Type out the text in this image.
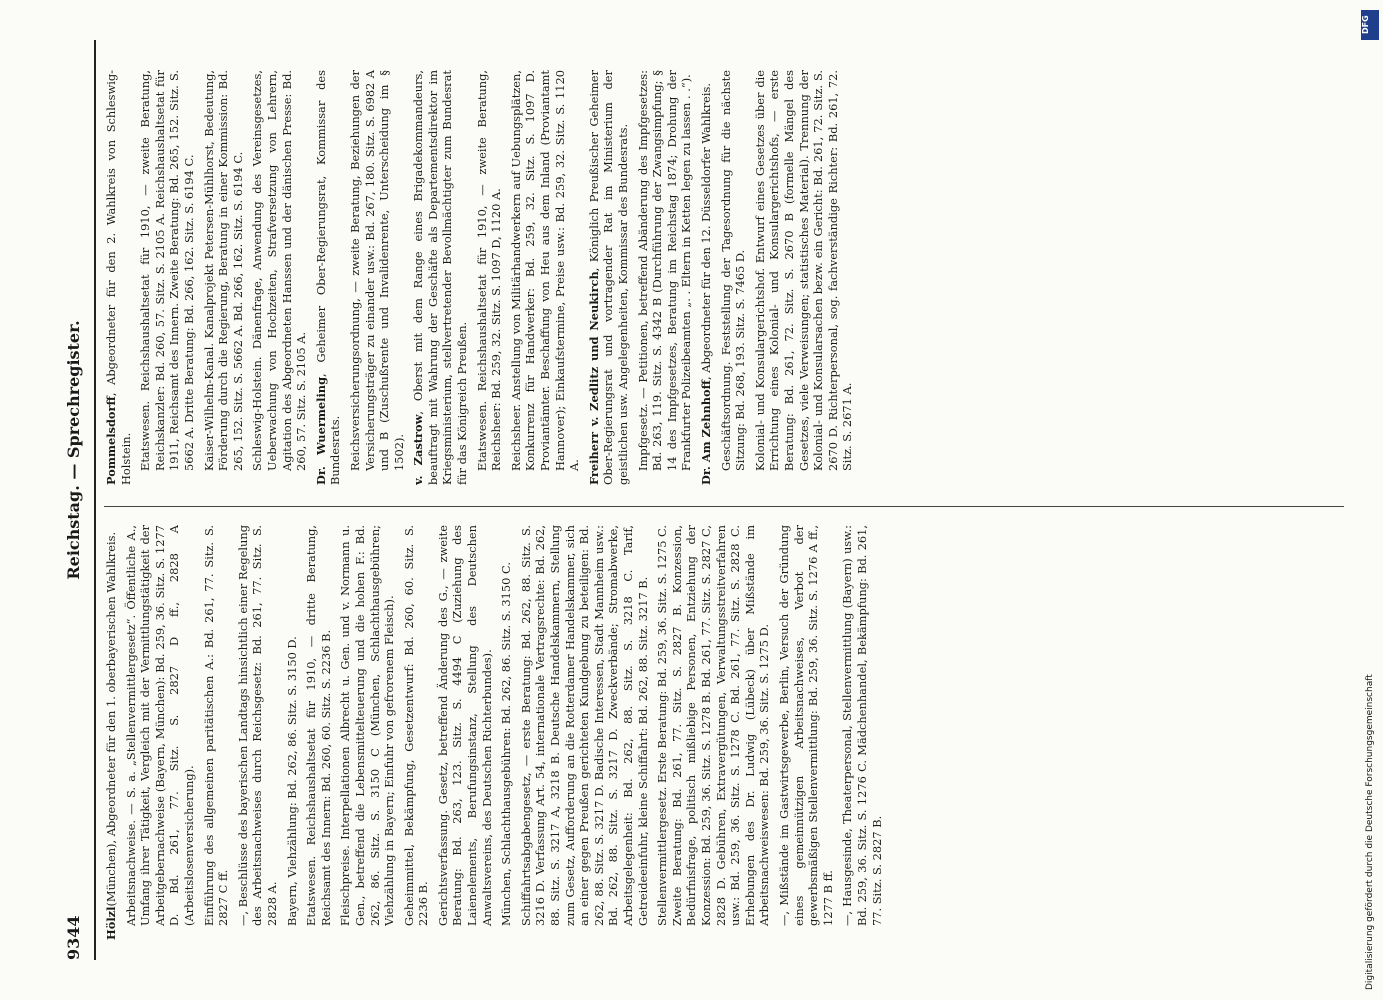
9344
Reichstag. — Sprechregister.
Hölzl(München), Abgeordneter für den 1. oberbayerischen Wahlkreis. Arbeitsnachweise. — S. a. „Stellenvermittlergesetz“. Öffentliche A., Umfang ihrer Tätigkeit, Vergleich mit der Vermittlungstätigkeit der Arbeitgebernachweise (Bayern, München): Bd. 259, 36. Sitz. S. 1277 D. Bd. 261, 77. Sitz. S. 2827 D ff., 2828 A (Arbeitslosenversicherung). Einführung des allgemeinen paritätischen A.: Bd. 261, 77. Sitz. S. 2827 C ff. —, Beschlüsse des bayerischen Landtags hinsichtlich einer Regelung des Arbeitsnachweises durch Reichsgesetz: Bd. 261, 77. Sitz. S. 2828 A. Bayern, Viehzählung: Bd. 262, 86. Sitz. S. 3150 D. Etatswesen. Reichshaushaltsetat für 1910, — dritte Beratung, Reichsamt des Innern: Bd. 260, 60. Sitz. S. 2236 B. Fleischpreise. Interpellationen Albrecht u. Gen. und v. Normann u. Gen., betreffend die Lebensmittelteuerung und die hohen F.: Bd. 262, 86. Sitz. S. 3150 C (München, Schlachthausgebühren; Viehzählung in Bayern; Einfuhr von gefrorenem Fleisch). Geheimmittel, Bekämpfung, Gesetzentwurf: Bd. 260, 60. Sitz. S. 2236 B. Gerichtsverfassung. Gesetz, betreffend Änderung des G., — zweite Beratung: Bd. 263, 123. Sitz. S. 4494 C (Zuziehung des Laienelements, Berufungsinstanz, Stellung des Deutschen Anwaltsvereins, des Deutschen Richterbundes). München, Schlachthausgebühren: Bd. 262, 86. Sitz. S. 3150 C. Schiffahrtsabgabengesetz, — erste Beratung: Bd. 262, 88. Sitz. S. 3216 D. Verfassung Art. 54, internationale Vertragsrechte: Bd. 262, 88. Sitz. S. 3217 A, 3218 B. Deutsche Handelskammern, Stellung zum Gesetz, Aufforderung an die Rotterdamer Handelskammer, sich an einer gegen Preußen gerichteten Kundgebung zu beteiligen: Bd. 262, 88. Sitz. S. 3217 D. Badische Interessen, Stadt Mannheim usw.: Bd. 262, 88. Sitz. S. 3217 D. Zweckverbände; Stromabwerke, Arbeitsgelegenheit: Bd. 262, 88. Sitz. S. 3218 C. Tarif, Getreideeinfuhr, kleine Schiffahrt: Bd. 262, 88. Sitz. 3217 B. Stellenvermittlergesetz. Erste Beratung: Bd. 259, 36. Sitz. S. 1275 C. Zweite Beratung: Bd. 261, 77. Sitz. S. 2827 B. Konzession, Bedürfnisfrage, politisch mißliebige Personen, Entziehung der Konzession: Bd. 259, 36. Sitz. S. 1278 B. Bd. 261, 77. Sitz. S. 2827 C, 2828 D. Gebühren, Extravergütungen, Verwaltungsstreitverfahren usw.: Bd. 259, 36. Sitz. S. 1278 C. Bd. 261, 77. Sitz. S. 2828 C. Erhebungen des Dr. Ludwig (Lübeck) über Mißstände im Arbeitsnachweiswesen: Bd. 259, 36. Sitz. S. 1275 D. —, Mißstände im Gastwirtsgewerbe, Berlin, Versuch der Gründung eines gemeinnützigen Arbeitsnachweises, Verbot der gewerbsmäßigen Stellenvermittlung: Bd. 259, 36. Sitz. S. 1276 A ff., 1277 B ff. —, Hausgesinde, Theaterpersonal, Stellenvermittlung (Bayern) usw.: Bd. 259, 36. Sitz. S. 1276 C. Mädchenhandel, Bekämpfung: Bd. 261, 77. Sitz. S. 2827 B.
Pommelsdorff, Abgeordneter für den 2. Wahlkreis von Schleswig-Holstein. Etatswesen. Reichshaushaltsetat für 1910, — zweite Beratung, Reichskanzler: Bd. 260, 57. Sitz. S. 2105 A. Reichshaushaltsetat für 1911, Reichsamt des Innern. Zweite Beratung: Bd. 265, 152. Sitz. S. 5662 A. Dritte Beratung: Bd. 266, 162. Sitz. S. 6194 C. Kaiser-Wilhelm-Kanal. Kanalprojekt Petersen-Mühlhorst, Bedeutung, Förderung durch die Regierung, Beratung in einer Kommission: Bd. 265, 152. Sitz. S. 5662 A. Bd. 266, 162. Sitz. S. 6194 C. Schleswig-Holstein. Dänenfrage, Anwendung des Vereinsgesetzes, Ueberwachung von Hochzeiten, Strafversetzung von Lehrern, Agitation des Abgeordneten Hanssen und der dänischen Presse: Bd. 260, 57. Sitz. S. 2105 A. Dr. Wuermeling, Geheimer Ober-Regierungsrat, Kommissar des Bundesrats. Reichsversicherungsordnung, — zweite Beratung, Beziehungen der Versicherungsträger zu einander usw.: Bd. 267, 180. Sitz. S. 6982 A und B (Zuschußrente und Invalidenrente, Unterscheidung im § 1502). v. Zastrow, Oberst mit dem Range eines Brigadekommandeurs, beauftragt mit Wahrung der Geschäfte als Departementsdirektor im Kriegsministerium, stellvertretender Bevollmächtigter zum Bundesrat für das Königreich Preußen. Etatswesen. Reichshaushaltsetat für 1910, — zweite Beratung, Reichsheer: Bd. 259, 32. Sitz. S. 1097 D, 1120 A. Reichsheer. Anstellung von Militärhandwerkern auf Uebungsplätzen, Konkurrenz für Handwerker: Bd. 259, 32. Sitz. S. 1097 D. Proviantämter. Beschaffung von Heu aus dem Inland (Proviantamt Hannover); Einkaufstermine, Preise usw.: Bd. 259, 32. Sitz. S. 1120 A. Freiherr v. Zedlitz und Neukirch, Königlich Preußischer Geheimer Ober-Regierungsrat und vortragender Rat im Ministerium der geistlichen usw. Angelegenheiten, Kommissar des Bundesrats. Impfgesetz. — Petitionen, betreffend Abänderung des Impfgesetzes: Bd. 263, 119. Sitz. S. 4342 B (Durchführung der Zwangsimpfung; § 14 des Impfgesetzes, Beratung im Reichstag 1874; Drohung der Frankfurter Polizeibeamten „. . Eltern in Ketten legen zu lassen . .“). Dr. Am Zehnhoff, Abgeordneter für den 12. Düsseldorfer Wahlkreis. Geschäftsordnung. Feststellung der Tagesordnung für die nächste Sitzung: Bd. 268, 193. Sitz. S. 7465 D. Kolonial- und Konsulargerichtshof. Entwurf eines Gesetzes über die Errichtung eines Kolonial- und Konsulargerichtshofs, — erste Beratung: Bd. 261, 72. Sitz. S. 2670 B (formelle Mängel des Gesetzes, viele Verweisungen; statistisches Material). Trennung der Kolonial- und Konsularsachen bezw. ein Gericht: Bd. 261, 72. Sitz. S. 2670 D. Richterpersonal, sog. fachverständige Richter: Bd. 261, 72. Sitz. S. 2671 A.
DFG
Digitalisierung gefördert durch die Deutsche Forschungsgemeinschaft
